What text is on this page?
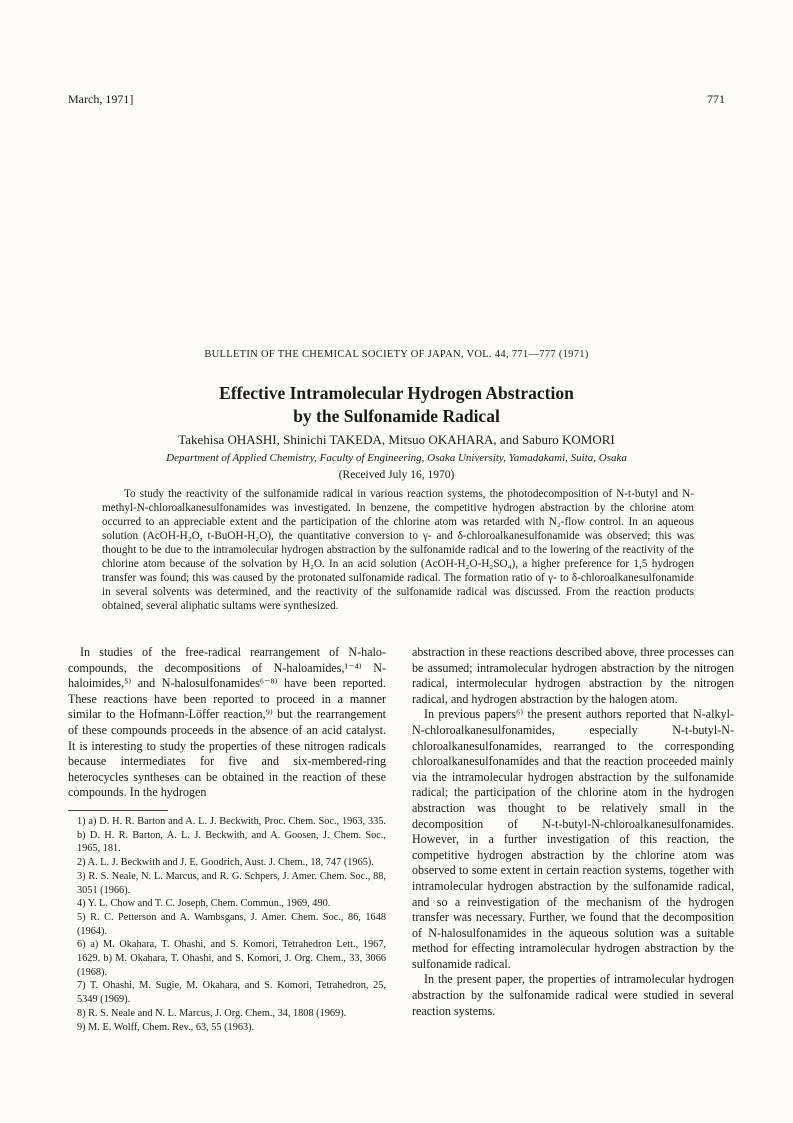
March, 1971]	771
BULLETIN OF THE CHEMICAL SOCIETY OF JAPAN, VOL. 44, 771—777 (1971)
Effective Intramolecular Hydrogen Abstraction
by the Sulfonamide Radical
Takehisa OHASHI, Shinichi TAKEDA, Mitsuo OKAHARA, and Saburo KOMORI
Department of Applied Chemistry, Faculty of Engineering, Osaka University, Yamadakami, Suita, Osaka
(Received July 16, 1970)

To study the reactivity of the sulfonamide radical in various reaction systems, the photodecomposition of N-t-butyl and N-methyl-N-chloroalkanesulfonamides was investigated. In benzene, the competitive hydrogen abstraction by the chlorine atom occurred to an appreciable extent and the participation of the chlorine atom was retarded with N₂-flow control. In an aqueous solution (AcOH-H₂O, t-BuOH-H₂O), the quantitative conversion to γ- and δ-chloroalkanesulfonamide was observed; this was thought to be due to the intramolecular hydrogen abstraction by the sulfonamide radical and to the lowering of the reactivity of the chlorine atom because of the solvation by H₂O. In an acid solution (AcOH-H₂O-H₂SO₄), a higher preference for 1,5 hydrogen transfer was found; this was caused by the protonated sulfonamide radical. The formation ratio of γ- to δ-chloroalkanesulfonamide in several solvents was determined, and the reactivity of the sulfonamide radical was discussed. From the reaction products obtained, several aliphatic sultams were synthesized.

In studies of the free-radical rearrangement of N-halo-compounds, the decompositions of N-haloamides,¹⁻⁴⁾ N-haloimides,⁵⁾ and N-halosulfonamides⁶⁻⁸⁾ have been reported. These reactions have been reported to proceed in a manner similar to the Hofmann-Löffer reaction,⁹⁾ but the rearrangement of these compounds proceeds in the absence of an acid catalyst. It is interesting to study the properties of these nitrogen radicals because intermediates for five and six-membered-ring heterocycles syntheses can be obtained in the reaction of these compounds. In the hydrogen

1) a) D. H. R. Barton and A. L. J. Beckwith, Proc. Chem. Soc., 1963, 335. b) D. H. R. Barton, A. L. J. Beckwith, and A. Goosen, J. Chem. Soc., 1965, 181.
2) A. L. J. Beckwith and J. E. Goodrich, Aust. J. Chem., 18, 747 (1965).
3) R. S. Neale, N. L. Marcus, and R. G. Schpers, J. Amer. Chem. Soc., 88, 3051 (1966).
4) Y. L. Chow and T. C. Joseph, Chem. Commun., 1969, 490.
5) R. C. Petterson and A. Wambsgans, J. Amer. Chem. Soc., 86, 1648 (1964).
6) a) M. Okahara, T. Ohashi, and S. Komori, Tetrahedron Lett., 1967, 1629. b) M. Okahara, T. Ohashi, and S. Komori, J. Org. Chem., 33, 3066 (1968).
7) T. Ohashi, M. Sugie, M. Okahara, and S. Komori, Tetrahedron, 25, 5349 (1969).
8) R. S. Neale and N. L. Marcus, J. Org. Chem., 34, 1808 (1969).
9) M. E. Wolff, Chem. Rev., 63, 55 (1963).

abstraction in these reactions described above, three processes can be assumed; intramolecular hydrogen abstraction by the nitrogen radical, intermolecular hydrogen abstraction by the nitrogen radical, and hydrogen abstraction by the halogen atom.

In previous papers⁶⁾ the present authors reported that N-alkyl-N-chloroalkanesulfonamides, especially N-t-butyl-N-chloroalkanesulfonamides, rearranged to the corresponding chloroalkanesulfonamides and that the reaction proceeded mainly via the intramolecular hydrogen abstraction by the sulfonamide radical; the participation of the chlorine atom in the hydrogen abstraction was thought to be relatively small in the decomposition of N-t-butyl-N-chloroalkanesulfonamides. However, in a further investigation of this reaction, the competitive hydrogen abstraction by the chlorine atom was observed to some extent in certain reaction systems, together with intramolecular hydrogen abstraction by the sulfonamide radical, and so a reinvestigation of the mechanism of the hydrogen transfer was necessary. Further, we found that the decomposition of N-halosulfonamides in the aqueous solution was a suitable method for effecting intramolecular hydrogen abstraction by the sulfonamide radical.

In the present paper, the properties of intramolecular hydrogen abstraction by the sulfonamide radical were studied in several reaction systems.
